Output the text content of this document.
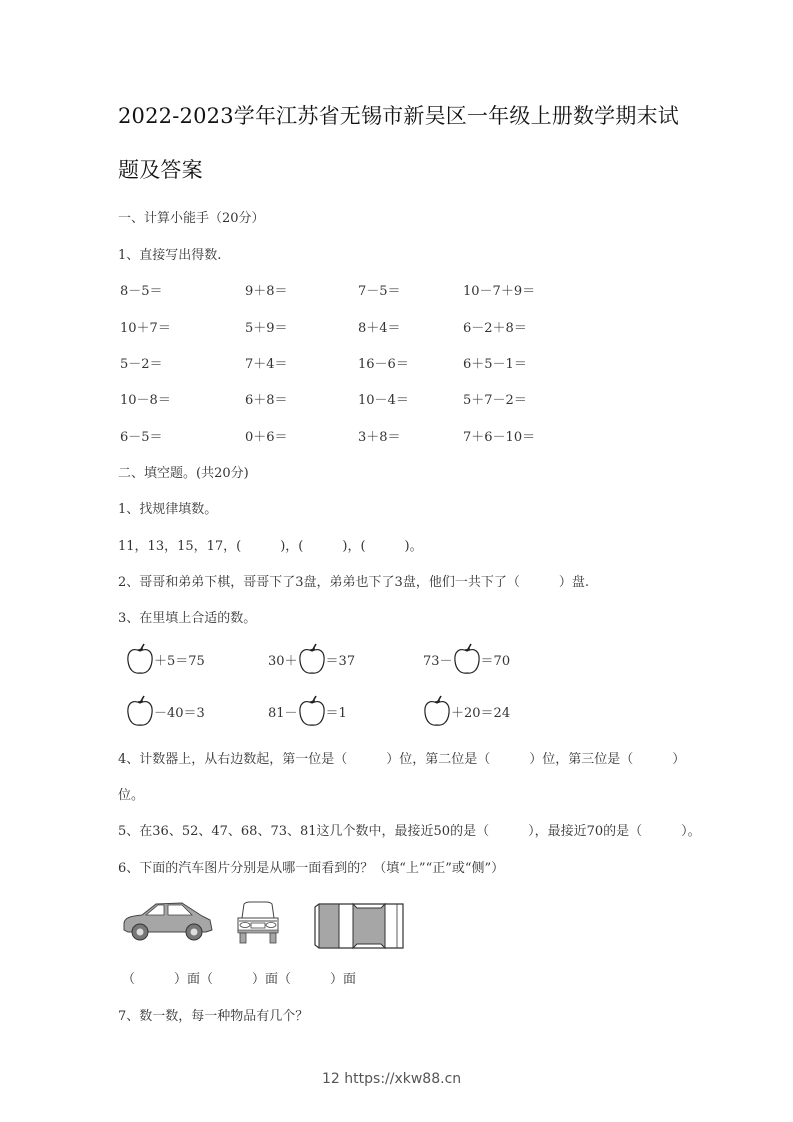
2022-2023学年江苏省无锡市新吴区一年级上册数学期末试
题及答案
一、计算小能手（20分）
1、直接写出得数.
8－5＝	9＋8＝	7－5＝	10－7＋9＝
10＋7＝	5＋9＝	8＋4＝	6－2＋8＝
5－2＝	7＋4＝	16－6＝	6＋5－1＝
10－8＝	6＋8＝	10－4＝	5＋7－2＝
6－5＝	0＋6＝	3＋8＝	7＋6－10＝
二、填空题。(共20分)
1、找规律填数。
11，13，15，17，(　　　)，(　　　)，(　　　)。
2、哥哥和弟弟下棋，哥哥下了3盘，弟弟也下了3盘，他们一共下了（　　　）盘.
3、在里填上合适的数。
＋5＝75	30＋ ＝37	73－ ＝70
－40＝3	81－ ＝1	＋20＝24
4、计数器上，从右边数起，第一位是（　　　）位，第二位是（　　　）位，第三位是（　　　）
位。
5、在36、52、47、68、73、81这几个数中，最接近50的是（　　　），最接近70的是（　　　）。
6、下面的汽车图片分别是从哪一面看到的？（填“上”“正”或“侧”）
（　　　）面（　　　）面（　　　）面
7、数一数，每一种物品有几个？
12 https://xkw88.cn
